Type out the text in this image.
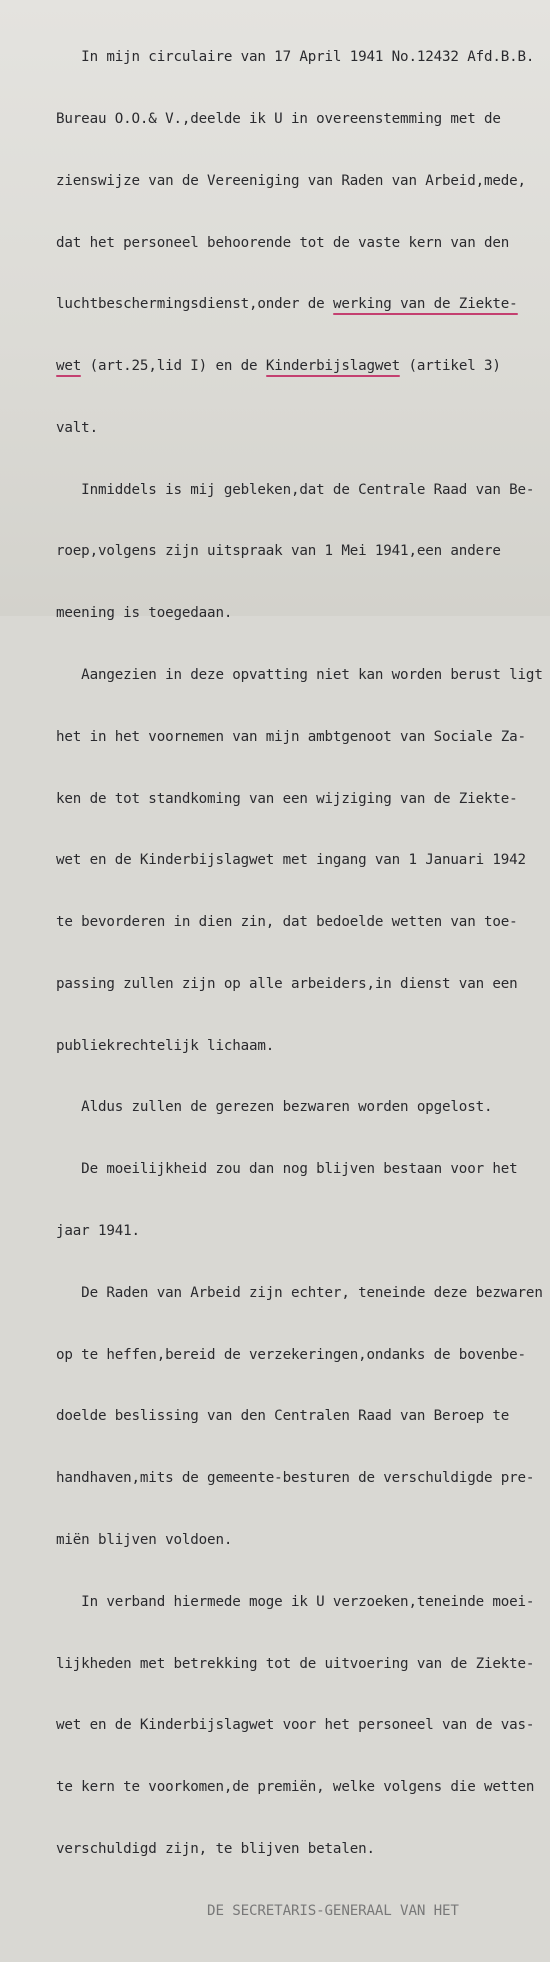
In mijn circulaire van 17 April 1941 No.12432 Afd.B.B.

Bureau O.O.& V.,deelde ik U in overeenstemming met de

zienswijze van de Vereeniging van Raden van Arbeid,mede,

dat het personeel behoorende tot de vaste kern van den

luchtbeschermingsdienst,onder de werking van de Ziekte-

wet (art.25,lid I) en de Kinderbijslagwet (artikel 3)

valt.

Inmiddels is mij gebleken,dat de Centrale Raad van Be-

roep,volgens zijn uitspraak van 1 Mei 1941,een andere

meening is toegedaan.

Aangezien in deze opvatting niet kan worden berust ligt

het in het voornemen van mijn ambtgenoot van Sociale Za-

ken de tot standkoming van een wijziging van de Ziekte-

wet en de Kinderbijslagwet met ingang van 1 Januari 1942

te bevorderen in dien zin, dat bedoelde wetten van toe-

passing zullen zijn op alle arbeiders,in dienst van een

publiekrechtelijk lichaam.

Aldus zullen de gerezen bezwaren worden opgelost.

De moeilijkheid zou dan nog blijven bestaan voor het

jaar 1941.

De Raden van Arbeid zijn echter, teneinde deze bezwaren

op te heffen,bereid de verzekeringen,ondanks de bovenbe-

doelde beslissing van den Centralen Raad van Beroep te

handhaven,mits de gemeente-besturen de verschuldigde pre-

miën blijven voldoen.

In verband hiermede moge ik U verzoeken,teneinde moei-

lijkheden met betrekking tot de uitvoering van de Ziekte-

wet en de Kinderbijslagwet voor het personeel van de vas-

te kern te voorkomen,de premiën, welke volgens die wetten

verschuldigd zijn, te blijven betalen.

DE SECRETARIS-GENERAAL VAN HET
